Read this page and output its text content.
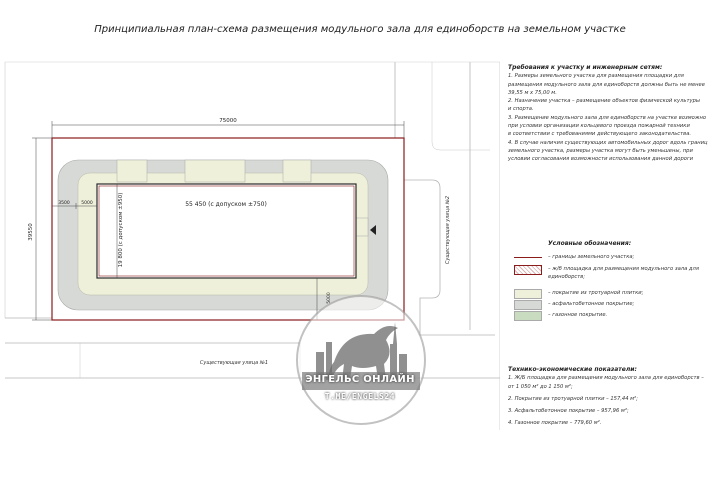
Принципиальная план-схема размещения модульного зала для единоборств на земельном участке
75000
39550
3500	5000	55 450 (с допуском ±750)
19 800 (с допуском ±950)
5000
Существующая улица №1
Существующая улица №2

Требования к участку и инженерным сетям:

1. Размеры земельного участка для размещения площадки для

размещения модульного зала для единоборств должны быть не менее

39,55 м х 75,00 м.

2. Назначение участка – размещение объектов физической культуры

и спорта.

3. Размещение модульного зала для единоборств на участке возможно

при условии организации кольцевого проезда пожарной техники

в соответствии с требованиями действующего законодательства.

4. В случае наличия существующих автомобильных дорог вдоль границ

земельного участка, размеры участка могут быть уменьшены, при

условии согласования возможности использования данной дороги

Условные обозначения:

– границы земельного участка;
– ж/б площадка для размещения модульного зала для единоборств;
– покрытие из тротуарной плитки;
– асфальтобетонное покрытие;
– газонное покрытие.

Технико-экономические показатели:

1. Ж/Б площадка для размещения модульного зала для единоборств –

от 1 050 м² до 1 150 м²;

2. Покрытие из тротуарной плитки – 157,44 м²;

3. Асфальтобетонное покрытие – 957,96 м²;

4. Газонное покрытие – 779,60 м².

ЭНГЕЛЬС ОНЛАЙН
T.ME/ENGELS24
